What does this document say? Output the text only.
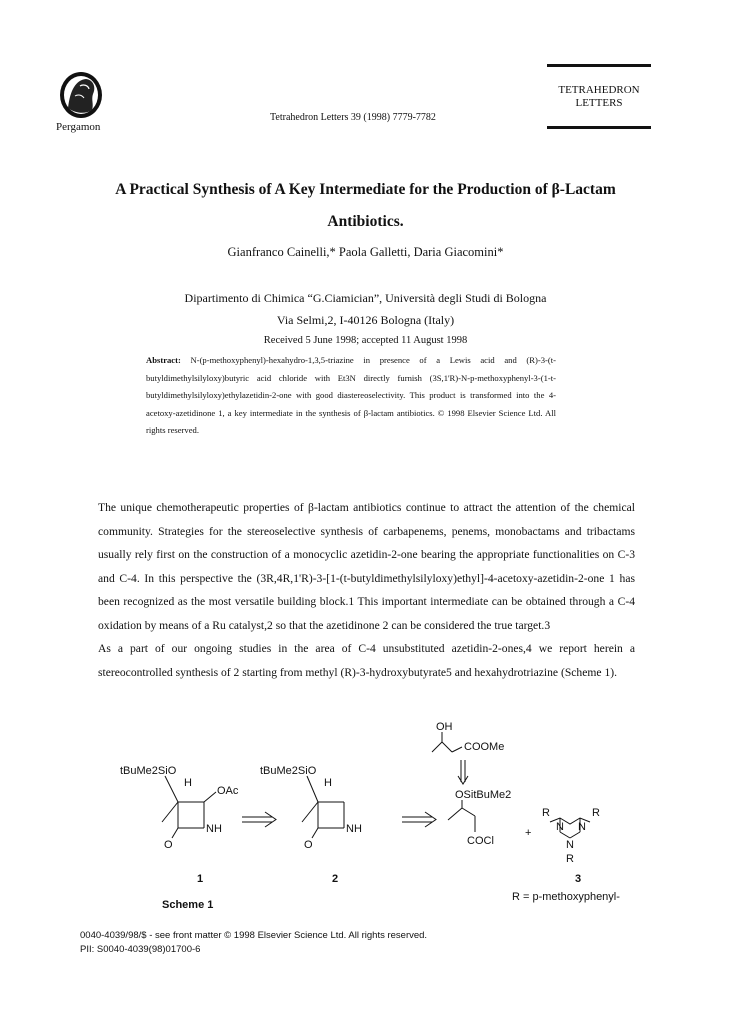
Pergamon
Tetrahedron Letters 39 (1998) 7779-7782
TETRAHEDRON
LETTERS
A Practical Synthesis of A Key Intermediate for the Production of β-Lactam
Antibiotics.
Gianfranco Cainelli,* Paola Galletti, Daria Giacomini*
Dipartimento di Chimica “G.Ciamician”, Università degli Studi di Bologna
Via Selmi,2, I-40126 Bologna (Italy)
Received 5 June 1998; accepted 11 August 1998
Abstract: N-(p-methoxyphenyl)-hexahydro-1,3,5-triazine in presence of a Lewis acid and (R)-3-(t-butyldimethylsilyloxy)butyric acid chloride with Et3N directly furnish (3S,1'R)-N-p-methoxyphenyl-3-(1-t-butyldimethylsilyloxy)ethylazetidin-2-one with good diastereoselectivity. This product is transformed into the 4-acetoxy-azetidinone 1, a key intermediate in the synthesis of β-lactam antibiotics. © 1998 Elsevier Science Ltd. All rights reserved.

The unique chemotherapeutic properties of β-lactam antibiotics continue to attract the attention of the chemical community. Strategies for the stereoselective synthesis of carbapenems, penems, monobactams and tribactams usually rely first on the construction of a monocyclic azetidin-2-one bearing the appropriate functionalities on C-3 and C-4. In this perspective the (3R,4R,1'R)-3-[1-(t-butyldimethylsilyloxy)ethyl]-4-acetoxy-azetidin-2-one 1 has been recognized as the most versatile building block.1 This important intermediate can be obtained through a C-4 oxidation by means of a Ru catalyst,2 so that the azetidinone 2 can be considered the true target.3

As a part of our ongoing studies in the area of C-4 unsubstituted azetidin-2-ones,4 we report herein a stereocontrolled synthesis of 2 starting from methyl (R)-3-hydroxybutyrate5 and hexahydrotriazine (Scheme 1).

tBuMe2SiO
H
OAc
NH
O
tBuMe2SiO
H
NH
O
OH
COOMe
OSitBuMe2
COCl
+
R	R
N N
N
R
1	2	3
R = p-methoxyphenyl-
Scheme 1
0040-4039/98/$ - see front matter © 1998 Elsevier Science Ltd. All rights reserved.
PII: S0040-4039(98)01700-6
